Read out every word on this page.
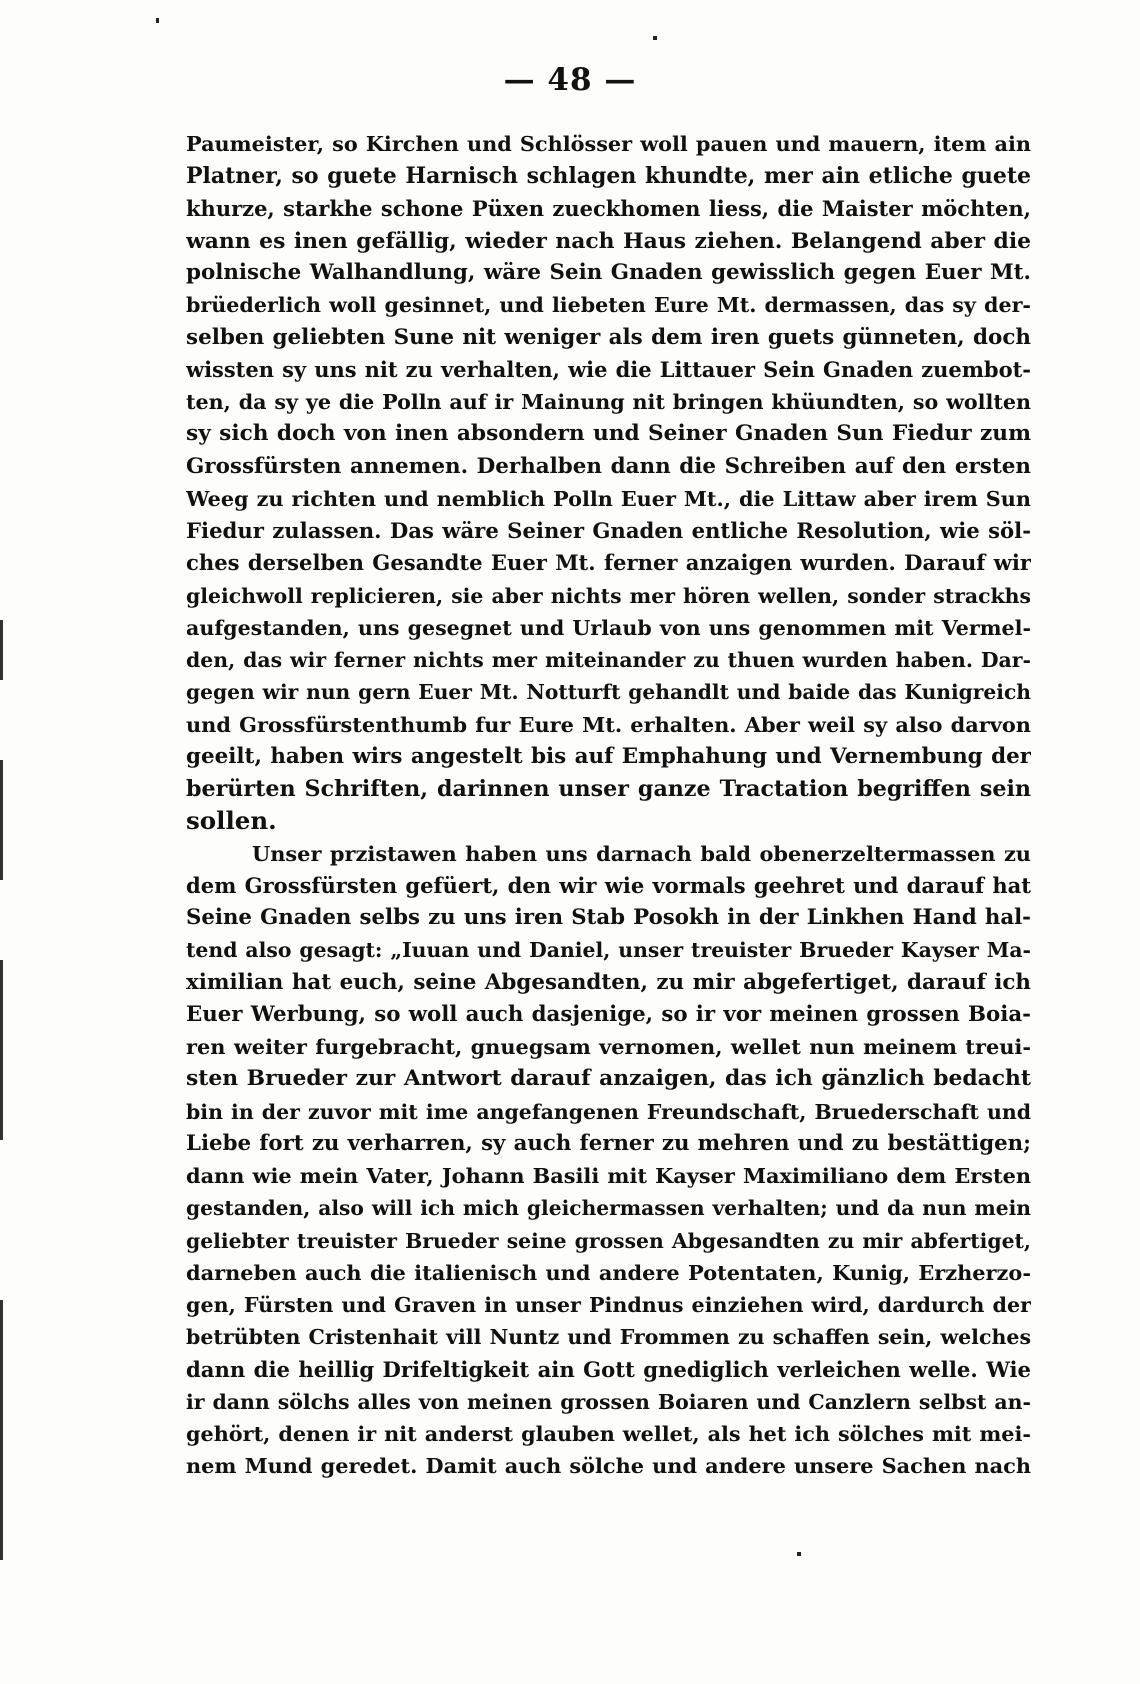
— 48 —
Paumeister, so Kirchen und Schlösser woll pauen und mauern, item ain
Platner, so guete Harnisch schlagen khundte, mer ain etliche guete
khurze, starkhe schone Püxen zueckhomen liess, die Maister möchten,
wann es inen gefällig, wieder nach Haus ziehen. Belangend aber die
polnische Walhandlung, wäre Sein Gnaden gewisslich gegen Euer Mt.
brüederlich woll gesinnet, und liebeten Eure Mt. dermassen, das sy der-
selben geliebten Sune nit weniger als dem iren guets günneten, doch
wissten sy uns nit zu verhalten, wie die Littauer Sein Gnaden zuembot-
ten, da sy ye die Polln auf ir Mainung nit bringen khüundten, so wollten
sy sich doch von inen absondern und Seiner Gnaden Sun Fiedur zum
Grossfürsten annemen. Derhalben dann die Schreiben auf den ersten
Weeg zu richten und nemblich Polln Euer Mt., die Littaw aber irem Sun
Fiedur zulassen. Das wäre Seiner Gnaden entliche Resolution, wie söl-
ches derselben Gesandte Euer Mt. ferner anzaigen wurden. Darauf wir
gleichwoll replicieren, sie aber nichts mer hören wellen, sonder strackhs
aufgestanden, uns gesegnet und Urlaub von uns genommen mit Vermel-
den, das wir ferner nichts mer miteinander zu thuen wurden haben. Dar-
gegen wir nun gern Euer Mt. Notturft gehandlt und baide das Kunigreich
und Grossfürstenthumb fur Eure Mt. erhalten. Aber weil sy also darvon
geeilt, haben wirs angestelt bis auf Emphahung und Vernembung der
berürten Schriften, darinnen unser ganze Tractation begriffen sein
sollen.
Unser przistawen haben uns darnach bald obenerzeltermassen zu
dem Grossfürsten gefüert, den wir wie vormals geehret und darauf hat
Seine Gnaden selbs zu uns iren Stab Posokh in der Linkhen Hand hal-
tend also gesagt: „Iuuan und Daniel, unser treuister Brueder Kayser Ma-
ximilian hat euch, seine Abgesandten, zu mir abgefertiget, darauf ich
Euer Werbung, so woll auch dasjenige, so ir vor meinen grossen Boia-
ren weiter furgebracht, gnuegsam vernomen, wellet nun meinem treui-
sten Brueder zur Antwort darauf anzaigen, das ich gänzlich bedacht
bin in der zuvor mit ime angefangenen Freundschaft, Bruederschaft und
Liebe fort zu verharren, sy auch ferner zu mehren und zu bestättigen;
dann wie mein Vater, Johann Basili mit Kayser Maximiliano dem Ersten
gestanden, also will ich mich gleichermassen verhalten; und da nun mein
geliebter treuister Brueder seine grossen Abgesandten zu mir abfertiget,
darneben auch die italienisch und andere Potentaten, Kunig, Erzherzo-
gen, Fürsten und Graven in unser Pindnus einziehen wird, dardurch der
betrübten Cristenhait vill Nuntz und Frommen zu schaffen sein, welches
dann die heillig Drifeltigkeit ain Gott gnediglich verleichen welle. Wie
ir dann sölchs alles von meinen grossen Boiaren und Canzlern selbst an-
gehört, denen ir nit anderst glauben wellet, als het ich sölches mit mei-
nem Mund geredet. Damit auch sölche und andere unsere Sachen nach
